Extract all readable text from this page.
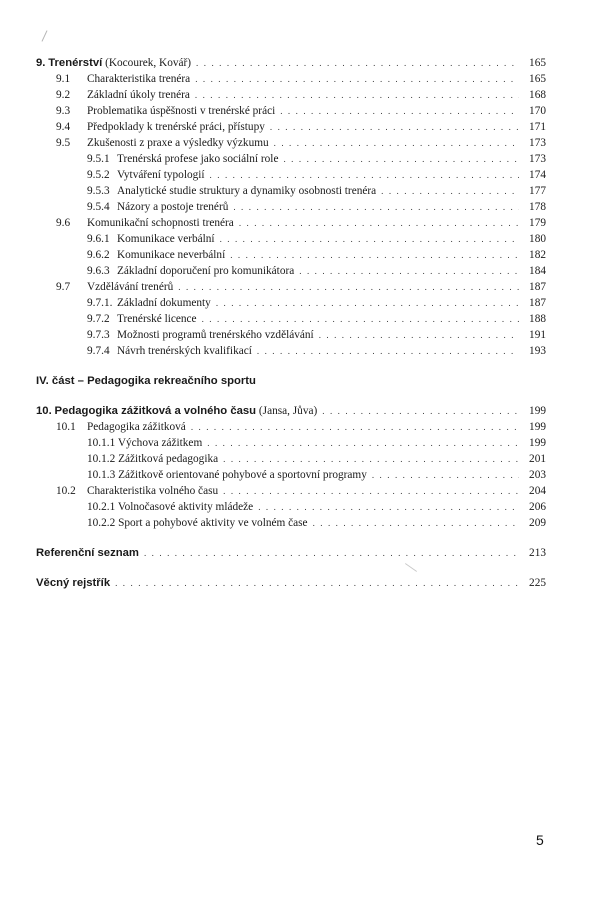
9. Trenérství (Kocourek, Kovář) . . .	165
9.1 Charakteristika trenéra . . .	165
9.2 Základní úkoly trenéra . . .	168
9.3 Problematika úspěšnosti v trenérské práci . . .	170
9.4 Předpoklady k trenérské práci, přístupy . . .	171
9.5 Zkušenosti z praxe a výsledky výzkumu . . .	173
9.5.1 Trenérská profese jako sociální role . . .	173
9.5.2 Vytváření typologií . . .	174
9.5.3 Analytické studie struktury a dynamiky osobnosti trenéra . . .	177
9.5.4 Názory a postoje trenérů . . .	178
9.6 Komunikační schopnosti trenéra . . .	179
9.6.1 Komunikace verbální . . .	180
9.6.2 Komunikace neverbální . . .	182
9.6.3 Základní doporučení pro komunikátora . . .	184
9.7 Vzdělávání trenérů . . .	187
9.7.1. Základní dokumenty . . .	187
9.7.2 Trenérské licence . . .	188
9.7.3 Možnosti programů trenérského vzdělávání . . .	191
9.7.4 Návrh trenérských kvalifikací . . .	193
IV. část – Pedagogika rekreačního sportu
10. Pedagogika zážitková a volného času (Jansa, Jůva) . . .	199
10.1 Pedagogika zážitková . . .	199
10.1.1 Výchova zážitkem . . .	199
10.1.2 Zážitková pedagogika . . .	201
10.1.3 Zážitkově orientované pohybové a sportovní programy . . .	203
10.2 Charakteristika volného času . . .	204
10.2.1 Volnočasové aktivity mládeže . . .	206
10.2.2 Sport a pohybové aktivity ve volném čase . . .	209
Referenční seznam . . .	213
Věcný rejstřík . . .	225
5
